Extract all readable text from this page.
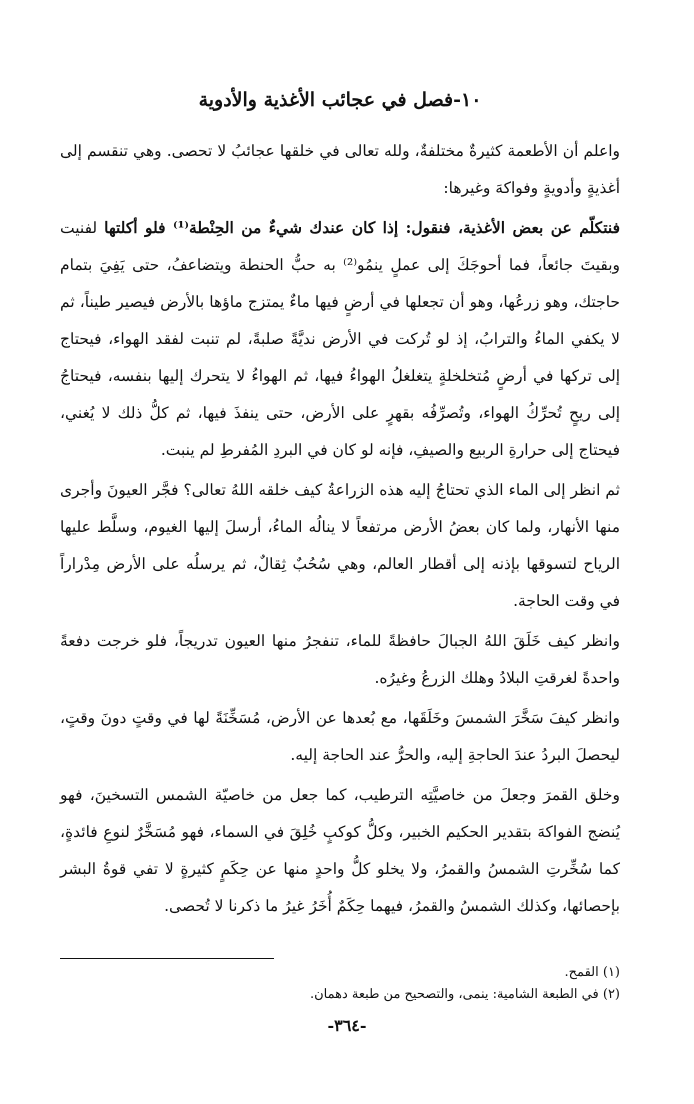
١٠-فصل في عجائب الأغذية والأدوية

واعلم أن الأطعمة كثيرةٌ مختلفةٌ، ولله تعالى في خلقها عجائبُ لا تحصى. وهي تنقسم إلى أغذيةٍ وأدويةٍ وفواكهَ وغيرها:

فنتكلّم عن بعض الأغذية، فنقول: إذا كان عندك شيءٌ من الحِنْطة⁽¹⁾ فلو أكلتها لفنيت وبقيتَ جائعاً، فما أحوجَكَ إلى عملٍ ينمُو⁽²⁾ به حبُّ الحنطة ويتضاعفُ، حتى يَفِيَ بتمام حاجتك، وهو زرعُها، وهو أن تجعلها في أرضٍ فيها ماءٌ يمتزج ماؤها بالأرض فيصير طيناً، ثم لا يكفي الماءُ والترابُ، إذ لو تُركت في الأرض نديَّةً صلبةً، لم تنبت لفقد الهواء، فيحتاج إلى تركها في أرضٍ مُتخلخلةٍ يتغلغلُ الهواءُ فيها، ثم الهواءُ لا يتحرك إليها بنفسه، فيحتاجُ إلى ريحٍ تُحرِّكُ الهواء، وتُصرِّفُه بقهرٍ على الأرض، حتى ينفذَ فيها، ثم كلُّ ذلك لا يُغني، فيحتاج إلى حرارةِ الربيع والصيفِ، فإنه لو كان في البردِ المُفرطِ لم ينبت.

ثم انظر إلى الماء الذي تحتاجُ إليه هذه الزراعةُ كيف خلقه اللهُ تعالى؟ فجَّر العيونَ وأجرى منها الأنهار، ولما كان بعضُ الأرض مرتفعاً لا ينالُه الماءُ، أرسلَ إليها الغيوم، وسلَّط عليها الرياح لتسوقها بإذنه إلى أقطار العالم، وهي سُحُبٌ ثِقالٌ، ثم يرسلُه على الأرض مِدْراراً في وقت الحاجة.

وانظر كيف خَلَقَ اللهُ الجبالَ حافظةً للماء، تنفجرُ منها العيون تدريجاً، فلو خرجت دفعةً واحدةً لغرقتِ البلادُ وهلك الزرعُ وغيرُه.

وانظر كيفَ سَخَّرَ الشمسَ وخَلَقَها، مع بُعدها عن الأرض، مُسَخِّنَةً لها في وقتٍ دونَ وقتٍ، ليحصلَ البردُ عندَ الحاجةِ إليه، والحرُّ عند الحاجة إليه.

وخلق القمرَ وجعلَ من خاصيَّتِه الترطيب، كما جعل من خاصيّة الشمس التسخينَ، فهو يُنضج الفواكهَ بتقدير الحكيم الخبير، وكلُّ كوكبٍ خُلِقَ في السماء، فهو مُسَخَّرٌ لنوعِ فائدةٍ، كما سُخِّرتِ الشمسُ والقمرُ، ولا يخلو كلُّ واحدٍ منها عن حِكَمٍ كثيرةٍ لا تفي قوةُ البشر بإحصائها، وكذلك الشمسُ والقمرُ، فيهما حِكَمٌ أُخَرُ غيرُ ما ذكرنا لا تُحصى.

(١) القمح.

(٢) في الطبعة الشامية: ينمى، والتصحيح من طبعة دهمان.

-٣٦٤-
